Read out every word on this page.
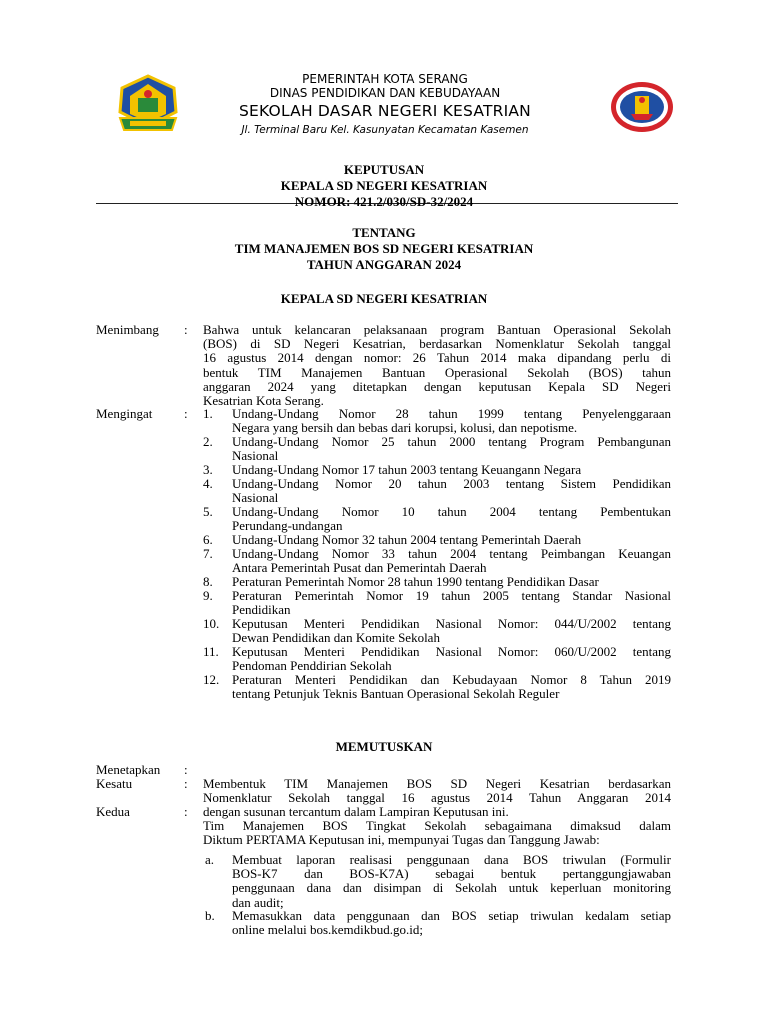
PEMERINTAH KOTA SERANG
DINAS PENDIDIKAN DAN KEBUDAYAAN
SEKOLAH DASAR NEGERI KESATRIAN
Jl. Terminal Baru Kel. Kasunyatan Kecamatan Kasemen
KEPUTUSAN
KEPALA SD NEGERI KESATRIAN
NOMOR: 421.2/030/SD-32/2024
TENTANG
TIM MANAJEMEN BOS SD NEGERI KESATRIAN
TAHUN ANGGARAN 2024
KEPALA SD NEGERI KESATRIAN
Menimbang : Bahwa untuk kelancaran pelaksanaan program Bantuan Operasional Sekolah
(BOS) di SD Negeri Kesatrian, berdasarkan Nomenklatur Sekolah tanggal
16 agustus 2014 dengan nomor: 26 Tahun 2014 maka dipandang perlu di
bentuk TIM Manajemen Bantuan Operasional Sekolah (BOS) tahun
anggaran 2024 yang ditetapkan dengan keputusan Kepala SD Negeri
Kesatrian Kota Serang.
Mengingat : 1.	Undang-Undang Nomor 28 tahun 1999 tentang Penyelenggaraan
Negara yang bersih dan bebas dari korupsi, kolusi, dan nepotisme.
2.	Undang-Undang Nomor 25 tahun 2000 tentang Program Pembangunan
Nasional
3.	Undang-Undang Nomor 17 tahun 2003 tentang Keuangann Negara
4.	Undang-Undang Nomor 20 tahun 2003 tentang Sistem Pendidikan
Nasional
5.	Undang-Undang Nomor 10 tahun 2004 tentang Pembentukan
Perundang-undangan
6.	Undang-Undang Nomor 32 tahun 2004 tentang Pemerintah Daerah
7.	Undang-Undang Nomor 33 tahun 2004 tentang Peimbangan Keuangan
Antara Pemerintah Pusat dan Pemerintah Daerah
8.	Peraturan Pemerintah Nomor 28 tahun 1990 tentang Pendidikan Dasar
9.	Peraturan Pemerintah Nomor 19 tahun 2005 tentang Standar Nasional
Pendidikan
10. Keputusan Menteri Pendidikan Nasional Nomor: 044/U/2002 tentang
Dewan Pendidikan dan Komite Sekolah
11.	Keputusan Menteri Pendidikan Nasional Nomor: 060/U/2002 tentang
Pendoman Penddirian Sekolah
12. Peraturan Menteri Pendidikan dan Kebudayaan Nomor 8 Tahun 2019
tentang Petunjuk Teknis Bantuan Operasional Sekolah Reguler
MEMUTUSKAN
Menetapkan :
Kesatu	: Membentuk TIM Manajemen BOS SD Negeri Kesatrian berdasarkan
Nomenklatur Sekolah tanggal 16 agustus 2014 Tahun Anggaran 2014
dengan susunan tercantum dalam Lampiran Keputusan ini.
Kedua	:
Tim Manajemen BOS Tingkat Sekolah sebagaimana dimaksud dalam
Diktum PERTAMA Keputusan ini, mempunyai Tugas dan Tanggung Jawab:
a.	Membuat laporan realisasi penggunaan dana BOS triwulan (Formulir
BOS-K7 dan BOS-K7A) sebagai bentuk pertanggungjawaban
penggunaan dana dan disimpan di Sekolah untuk keperluan monitoring
dan audit;
b.	Memasukkan data penggunaan dan BOS setiap triwulan kedalam setiap
online melalui bos.kemdikbud.go.id;
